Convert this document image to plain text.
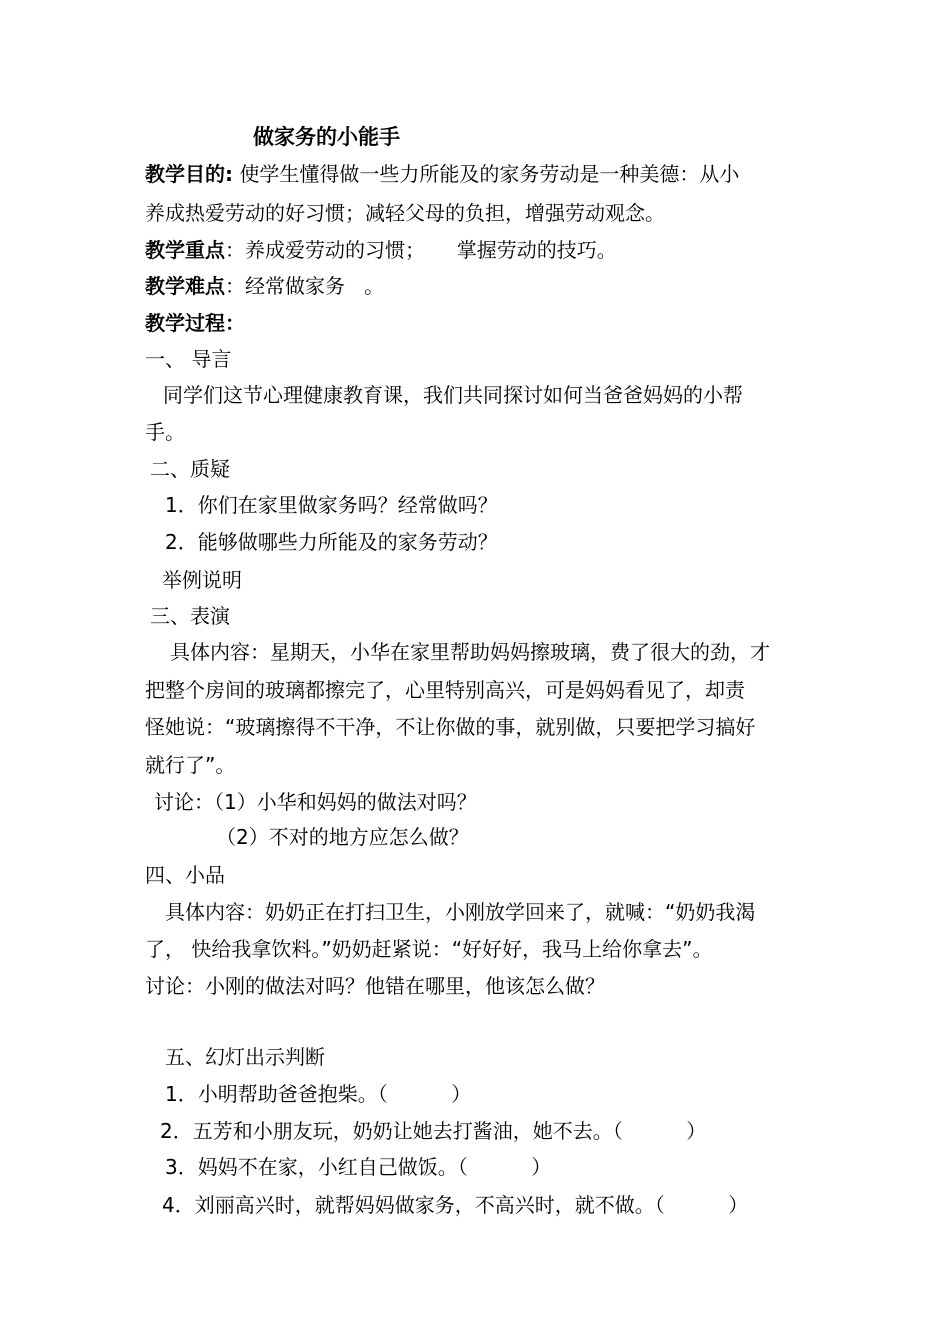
做家务的小能手
教学目的: 使学生懂得做一些力所能及的家务劳动是一种美德：从小
养成热爱劳动的好习惯；减轻父母的负担，增强劳动观念。
教学重点：养成爱劳动的习惯；     掌握劳动的技巧。
教学难点：经常做家务   。
教学过程：
一、 导言
同学们这节心理健康教育课，我们共同探讨如何当爸爸妈妈的小帮
手。
二、质疑
1．你们在家里做家务吗？经常做吗？
2．能够做哪些力所能及的家务劳动？
举例说明
三、表演
具体内容：星期天，小华在家里帮助妈妈擦玻璃，费了很大的劲，才
把整个房间的玻璃都擦完了，心里特别高兴，可是妈妈看见了，却责
怪她说：“玻璃擦得不干净，不让你做的事，就别做，只要把学习搞好
就行了”。
讨论：（1）小华和妈妈的做法对吗？
（2）不对的地方应怎么做？
四、小品
具体内容：奶奶正在打扫卫生，小刚放学回来了，就喊：“奶奶我渴
了， 快给我拿饮料。”奶奶赶紧说：“好好好，我马上给你拿去”。
讨论：小刚的做法对吗？他错在哪里，他该怎么做？
五、幻灯出示判断
1．小明帮助爸爸抱柴。（          ）
2．五芳和小朋友玩，奶奶让她去打酱油，她不去。（          ）
3．妈妈不在家，小红自己做饭。（          ）
4．刘丽高兴时，就帮妈妈做家务，不高兴时，就不做。（          ）
